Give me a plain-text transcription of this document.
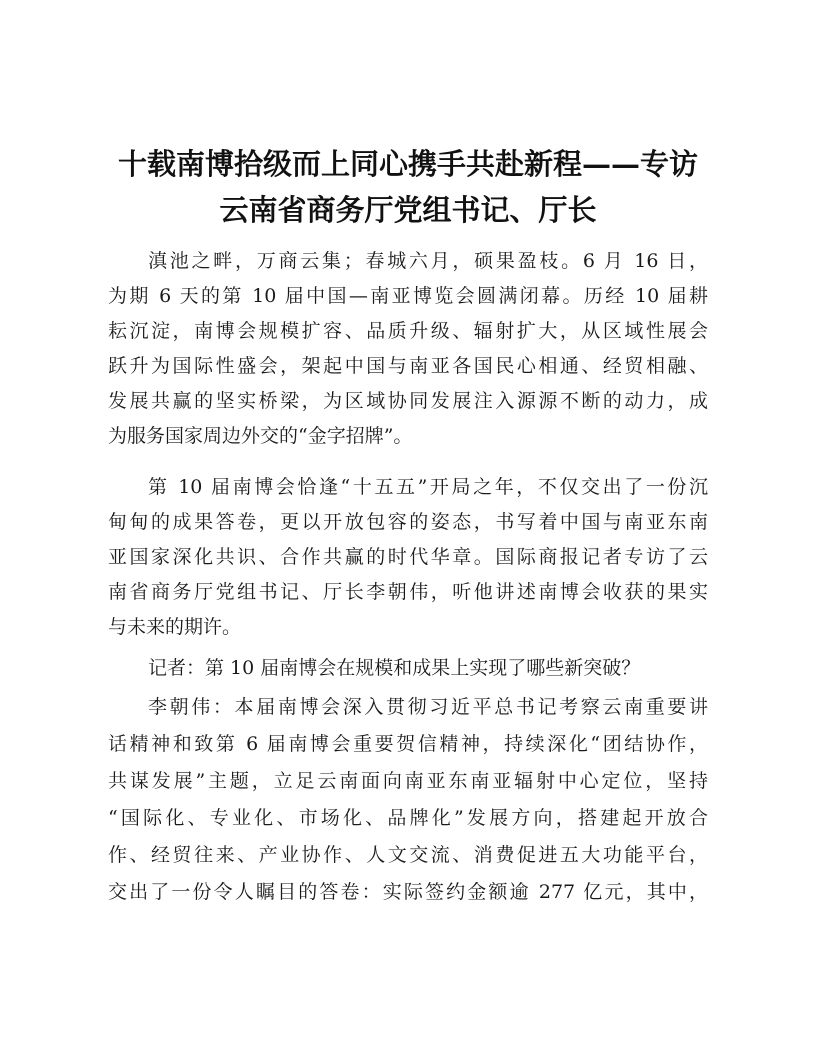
十载南博拾级而上同心携手共赴新程——专访
云南省商务厅党组书记、厅长
滇池之畔，万商云集；春城六月，硕果盈枝。6 月 16 日，
为期 6 天的第 10 届中国—南亚博览会圆满闭幕。历经 10 届耕
耘沉淀，南博会规模扩容、品质升级、辐射扩大，从区域性展会
跃升为国际性盛会，架起中国与南亚各国民心相通、经贸相融、
发展共赢的坚实桥梁，为区域协同发展注入源源不断的动力，成
为服务国家周边外交的“金字招牌”。
第 10 届南博会恰逢“十五五”开局之年，不仅交出了一份沉
甸甸的成果答卷，更以开放包容的姿态，书写着中国与南亚东南
亚国家深化共识、合作共赢的时代华章。国际商报记者专访了云
南省商务厅党组书记、厅长李朝伟，听他讲述南博会收获的果实
与未来的期许。
记者：第 10 届南博会在规模和成果上实现了哪些新突破？
李朝伟：本届南博会深入贯彻习近平总书记考察云南重要讲
话精神和致第 6 届南博会重要贺信精神，持续深化“团结协作，
共谋发展”主题，立足云南面向南亚东南亚辐射中心定位，坚持
“国际化、专业化、市场化、品牌化”发展方向，搭建起开放合
作、经贸往来、产业协作、人文交流、消费促进五大功能平台，
交出了一份令人瞩目的答卷：实际签约金额逾 277 亿元，其中，
